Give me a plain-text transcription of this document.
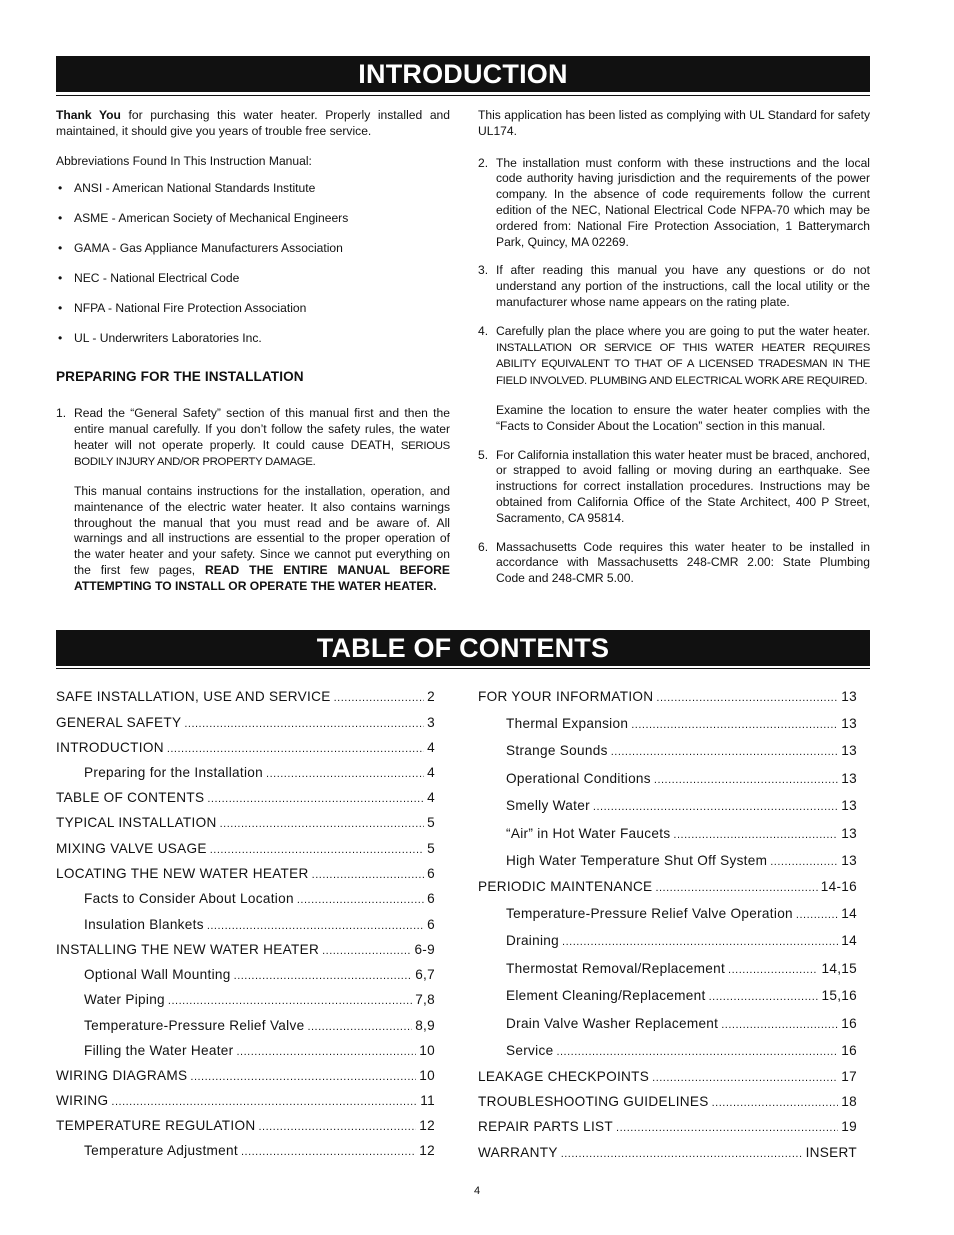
INTRODUCTION

Thank You for purchasing this water heater. Properly installed and maintained, it should give you years of trouble free service.

Abbreviations Found In This Instruction Manual:

• ANSI - American National Standards Institute
• ASME - American Society of Mechanical Engineers
• GAMA - Gas Appliance Manufacturers Association
• NEC - National Electrical Code
• NFPA - National Fire Protection Association
• UL - Underwriters Laboratories Inc.
PREPARING FOR THE INSTALLATION
1. Read the “General Safety” section of this manual first and then the entire manual carefully. If you don’t follow the safety rules, the water heater will not operate properly. It could cause DEATH, SERIOUS BODILY INJURY AND/OR PROPERTY DAMAGE.

This manual contains instructions for the installation, operation, and maintenance of the electric water heater. It also contains warnings throughout the manual that you must read and be aware of. All warnings and all instructions are essential to the proper operation of the water heater and your safety. Since we cannot put everything on the first few pages, READ THE ENTIRE MANUAL BEFORE ATTEMPTING TO INSTALL OR OPERATE THE WATER HEATER.

This application has been listed as complying with UL Standard for safety UL174.

2. The installation must conform with these instructions and the local code authority having jurisdiction and the requirements of the power company. In the absence of code requirements follow the current edition of the NEC, National Electrical Code NFPA-70 which may be ordered from: National Fire Protection Association, 1 Batterymarch Park, Quincy, MA 02269.
3. If after reading this manual you have any questions or do not understand any portion of the instructions, call the local utility or the manufacturer whose name appears on the rating plate.
4. Carefully plan the place where you are going to put the water heater. INSTALLATION OR SERVICE OF THIS WATER HEATER REQUIRES ABILITY EQUIVALENT TO THAT OF A LICENSED TRADESMAN IN THE FIELD INVOLVED. PLUMBING AND ELECTRICAL WORK ARE REQUIRED.

Examine the location to ensure the water heater complies with the “Facts to Consider About the Location” section in this manual.

5. For California installation this water heater must be braced, anchored, or strapped to avoid falling or moving during an earthquake. See instructions for correct installation procedures. Instructions may be obtained from California Office of the State Architect, 400 P Street, Sacramento, CA 95814.
6. Massachusetts Code requires this water heater to be installed in accordance with Massachusetts 248-CMR 2.00: State Plumbing Code and 248-CMR 5.00.
TABLE OF CONTENTS
SAFE INSTALLATION, USE AND SERVICE .....	2
GENERAL SAFETY .....	3
INTRODUCTION .....	4
Preparing for the Installation .....	4
TABLE OF CONTENTS .....	4
TYPICAL INSTALLATION .....	5
MIXING VALVE USAGE .....	5
LOCATING THE NEW WATER HEATER .....	6
Facts to Consider About Location .....	6
Insulation Blankets .....	6
INSTALLING THE NEW WATER HEATER .....	6-9
Optional Wall Mounting .....	6,7
Water Piping .....	7,8
Temperature-Pressure Relief Valve .....	8,9
Filling the Water Heater .....	10
WIRING DIAGRAMS .....	10
WIRING .....	11
TEMPERATURE REGULATION .....	12
Temperature Adjustment .....	12
FOR YOUR INFORMATION .....	13
Thermal Expansion .....	13
Strange Sounds .....	13
Operational Conditions .....	13
Smelly Water .....	13
“Air” in Hot Water Faucets .....	13
High Water Temperature Shut Off System .....	13
PERIODIC MAINTENANCE .....	14-16
Temperature-Pressure Relief Valve Operation .....	14
Draining .....	14
Thermostat Removal/Replacement .....	14,15
Element Cleaning/Replacement .....	15,16
Drain Valve Washer Replacement .....	16
Service .....	16
LEAKAGE CHECKPOINTS .....	17
TROUBLESHOOTING GUIDELINES .....	18
REPAIR PARTS LIST .....	19
WARRANTY .....	INSERT
4
